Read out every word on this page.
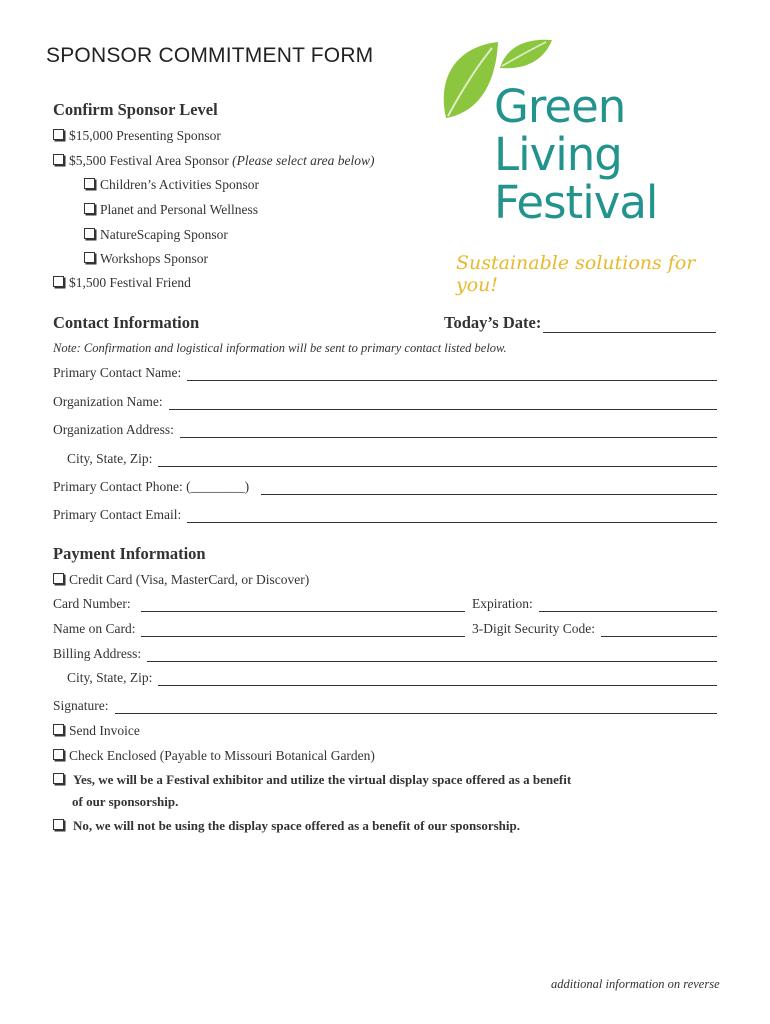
SPONSOR COMMITMENT FORM
Green
Living
Festival
Sustainable solutions for you!
Confirm Sponsor Level
$15,000 Presenting Sponsor
$5,500 Festival Area Sponsor (Please select area below)
Children’s Activities Sponsor
Planet and Personal Wellness
NatureScaping Sponsor
Workshops Sponsor
$1,500 Festival Friend
Contact Information	Today’s Date:
Note: Confirmation and logistical information will be sent to primary contact listed below.
Primary Contact Name:
Organization Name:
Organization Address:
City, State, Zip:
Primary Contact Phone: (________)
Primary Contact Email:
Payment Information
Credit Card (Visa, MasterCard, or Discover)
Card Number:	Expiration:
Name on Card:	3-Digit Security Code:
Billing Address:
City, State, Zip:
Signature:
Send Invoice
Check Enclosed (Payable to Missouri Botanical Garden)
Yes, we will be a Festival exhibitor and utilize the virtual display space offered as a benefit
of our sponsorship.
No, we will not be using the display space offered as a benefit of our sponsorship.
additional information on reverse
